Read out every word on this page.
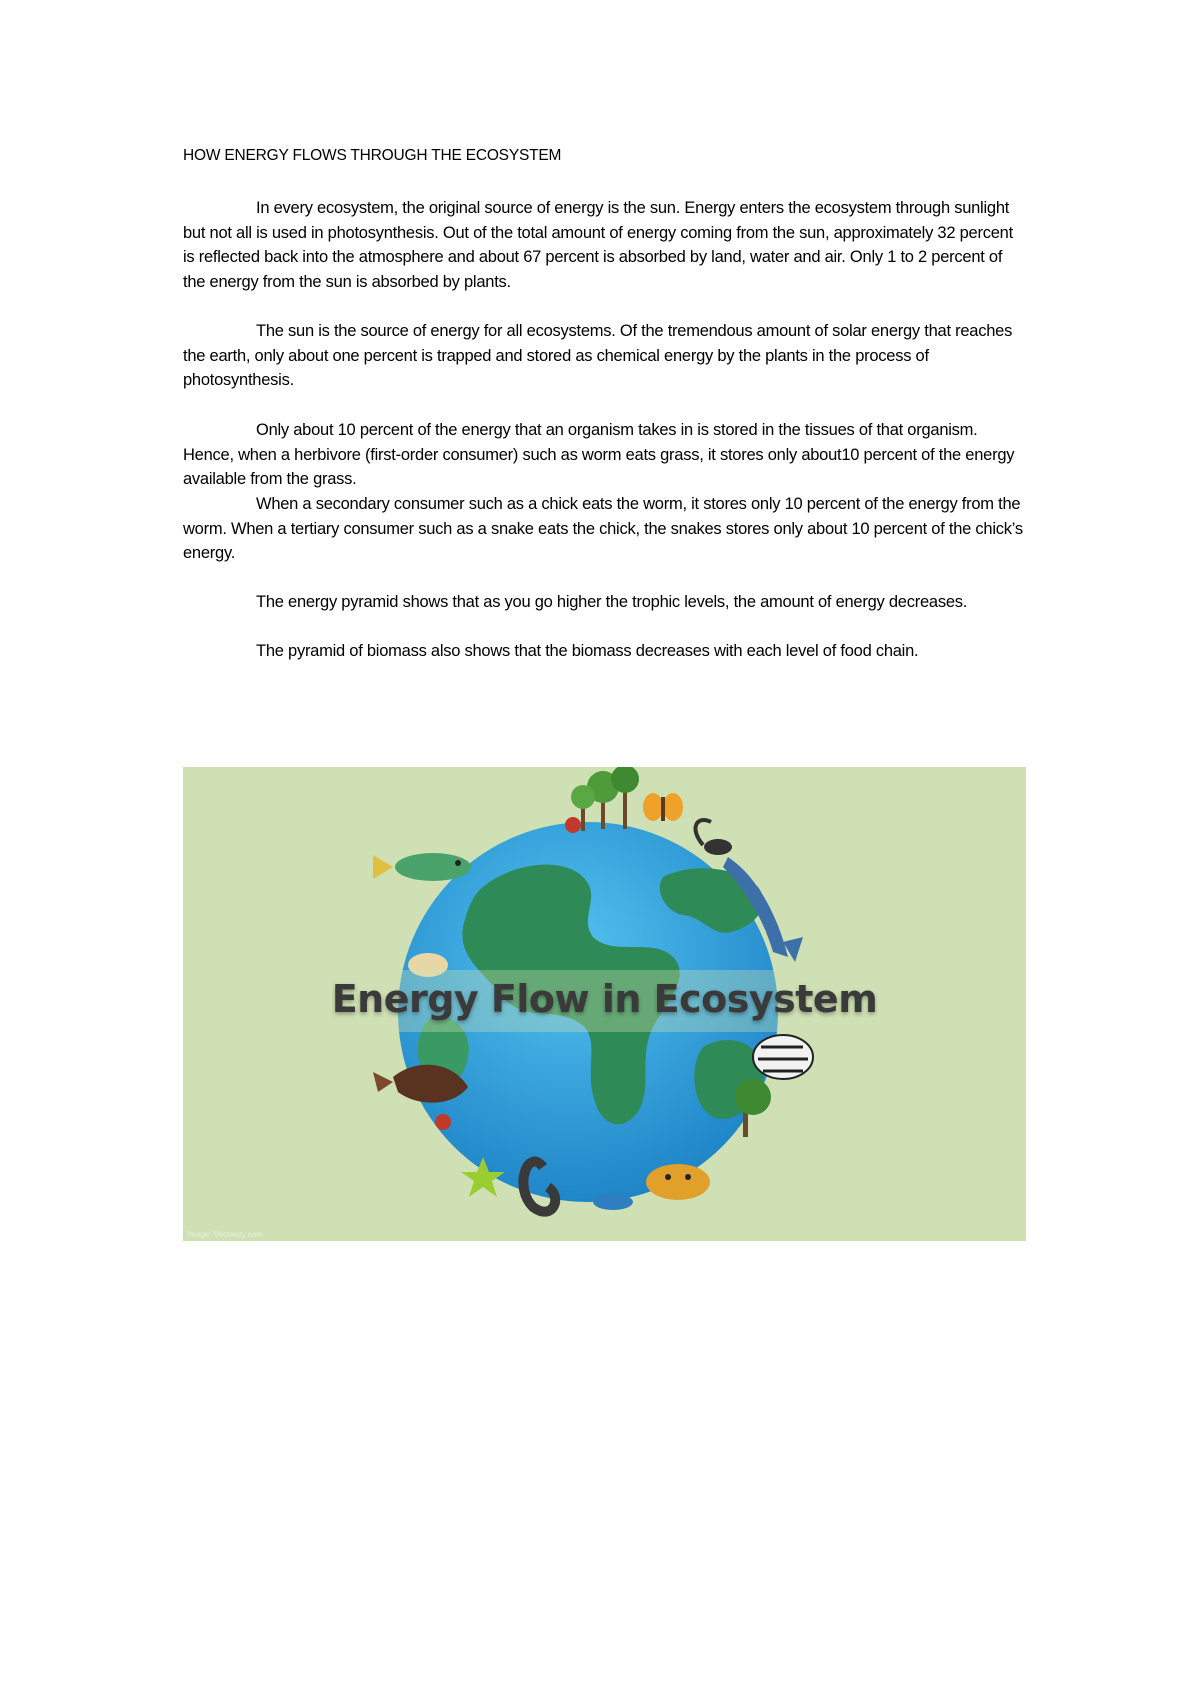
HOW ENERGY FLOWS THROUGH THE ECOSYSTEM

In every ecosystem, the original source of energy is the sun. Energy enters the ecosystem through sunlight but not all is used in photosynthesis. Out of the total amount of energy coming from the sun, approximately 32 percent is reflected back into the atmosphere and about 67 percent is absorbed by land, water and air. Only 1 to 2 percent of the energy from the sun is absorbed by plants.

The sun is the source of energy for all ecosystems. Of the tremendous amount of solar energy that reaches the earth, only about one percent is trapped and stored as chemical energy by the plants in the process of photosynthesis.

Only about 10 percent of the energy that an organism takes in is stored in the tissues of that organism. Hence, when a herbivore (first-order consumer) such as worm eats grass, it stores only about10 percent of the energy available from the grass.

When a secondary consumer such as a chick eats the worm, it stores only 10 percent of the energy from the worm. When a tertiary consumer such as a snake eats the chick, the snakes stores only about 10 percent of the chick’s energy.

The energy pyramid shows that as you go higher the trophic levels, the amount of energy decreases.

The pyramid of biomass also shows that the biomass decreases with each level of food chain.

Energy Flow in Ecosystem
Image: Vecteezy.com
